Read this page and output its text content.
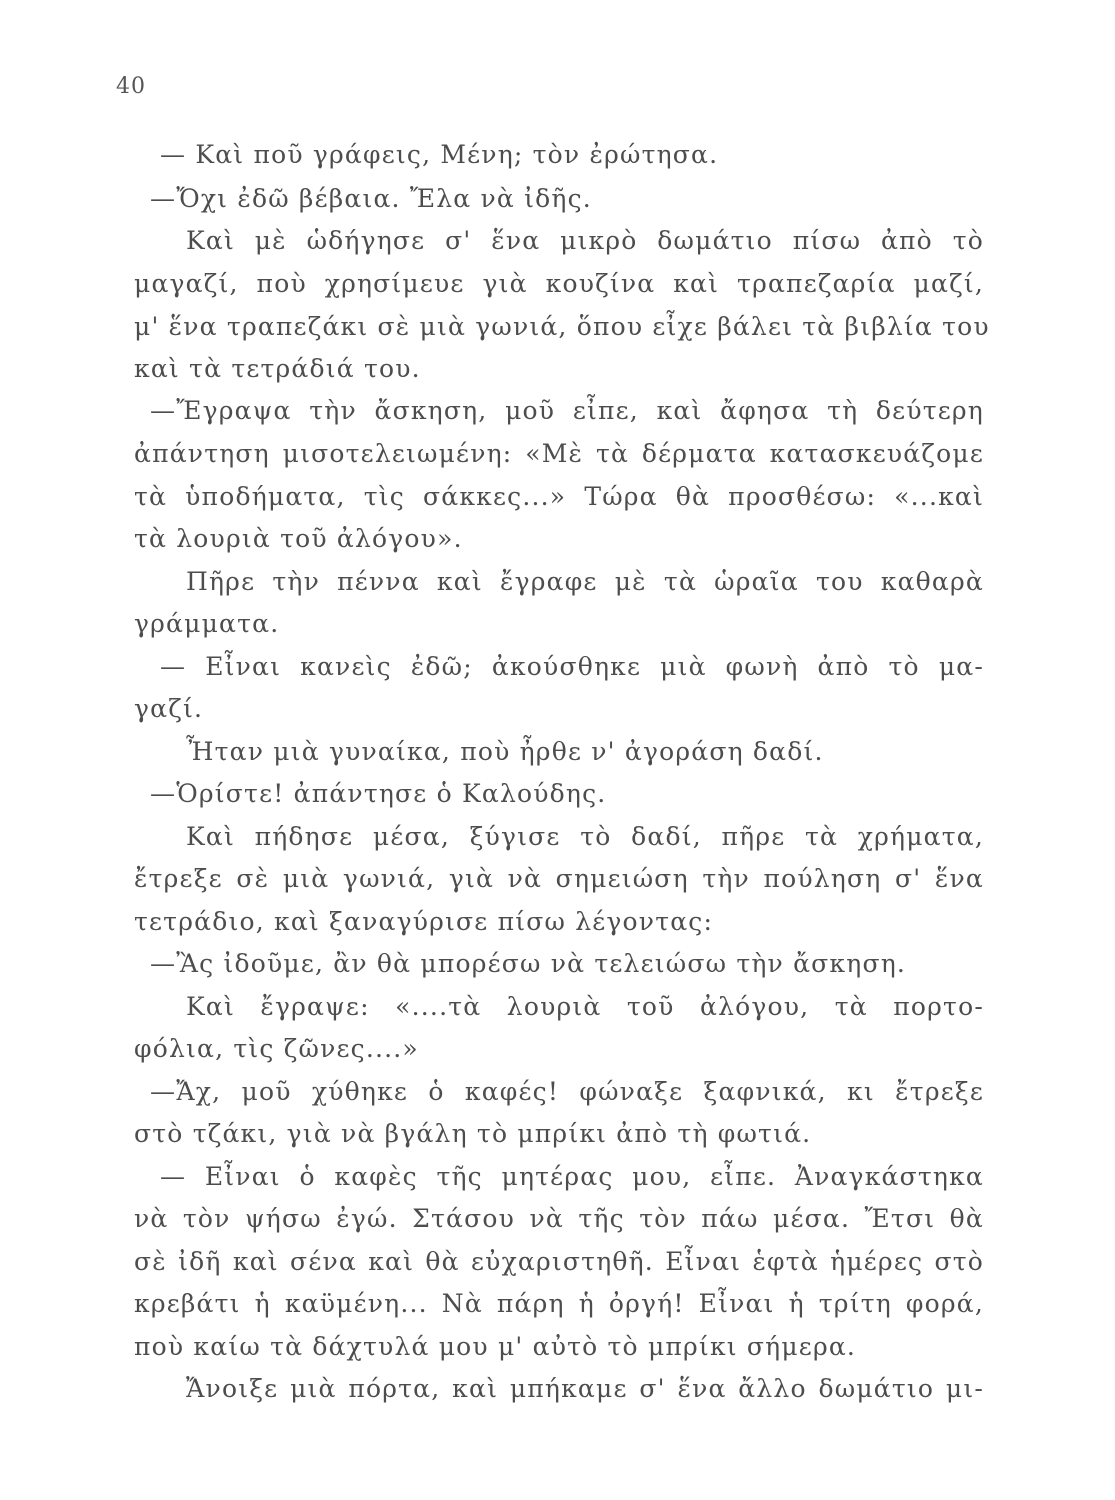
40
— Καὶ ποῦ γράφεις, Μένη; τὸν ἐρώτησα.
—Ὄχι ἐδῶ βέβαια. Ἔλα νὰ ἰδῆς.
Καὶ μὲ ὡδήγησε σ' ἕνα μικρὸ δωμάτιο πίσω ἀπὸ τὸ
μαγαζί, ποὺ χρησίμευε γιὰ κουζίνα καὶ τραπεζαρία μαζί,
μ' ἕνα τραπεζάκι σὲ μιὰ γωνιά, ὅπου εἶχε βάλει τὰ βιβλία του
καὶ τὰ τετράδιά του.
—Ἔγραψα τὴν ἄσκηση, μοῦ εἶπε, καὶ ἄφησα τὴ δεύτερη
ἀπάντηση μισοτελειωμένη: «Μὲ τὰ δέρματα κατασκευάζομε
τὰ ὑποδήματα, τὶς σάκκες...» Τώρα θὰ προσθέσω: «...καὶ
τὰ λουριὰ τοῦ ἀλόγου».
Πῆρε τὴν πέννα καὶ ἔγραφε μὲ τὰ ὡραῖα του καθαρὰ
γράμματα.
— Εἶναι κανεὶς ἐδῶ; ἀκούσθηκε μιὰ φωνὴ ἀπὸ τὸ μα-
γαζί.
Ἦταν μιὰ γυναίκα, ποὺ ἦρθε ν' ἀγοράση δαδί.
—Ὁρίστε! ἀπάντησε ὁ Καλούδης.
Καὶ πήδησε μέσα, ξύγισε τὸ δαδί, πῆρε τὰ χρήματα,
ἔτρεξε σὲ μιὰ γωνιά, γιὰ νὰ σημειώση τὴν πούληση σ' ἕνα
τετράδιο, καὶ ξαναγύρισε πίσω λέγοντας:
—Ἂς ἰδοῦμε, ἂν θὰ μπορέσω νὰ τελειώσω τὴν ἄσκηση.
Καὶ ἔγραψε: «....τὰ λουριὰ τοῦ ἀλόγου, τὰ πορτο-
φόλια, τὶς ζῶνες....»
—Ἄχ, μοῦ χύθηκε ὁ καφές! φώναξε ξαφνικά, κι ἔτρεξε
στὸ τζάκι, γιὰ νὰ βγάλη τὸ μπρίκι ἀπὸ τὴ φωτιά.
— Εἶναι ὁ καφὲς τῆς μητέρας μου, εἶπε. Ἀναγκάστηκα
νὰ τὸν ψήσω ἐγώ. Στάσου νὰ τῆς τὸν πάω μέσα. Ἔτσι θὰ
σὲ ἰδῆ καὶ σένα καὶ θὰ εὐχαριστηθῆ. Εἶναι ἑφτὰ ἡμέρες στὸ
κρεβάτι ἡ καϋμένη... Νὰ πάρη ἡ ὀργή! Εἶναι ἡ τρίτη φορά,
ποὺ καίω τὰ δάχτυλά μου μ' αὐτὸ τὸ μπρίκι σήμερα.
Ἄνοιξε μιὰ πόρτα, καὶ μπήκαμε σ' ἕνα ἄλλο δωμάτιο μι-
